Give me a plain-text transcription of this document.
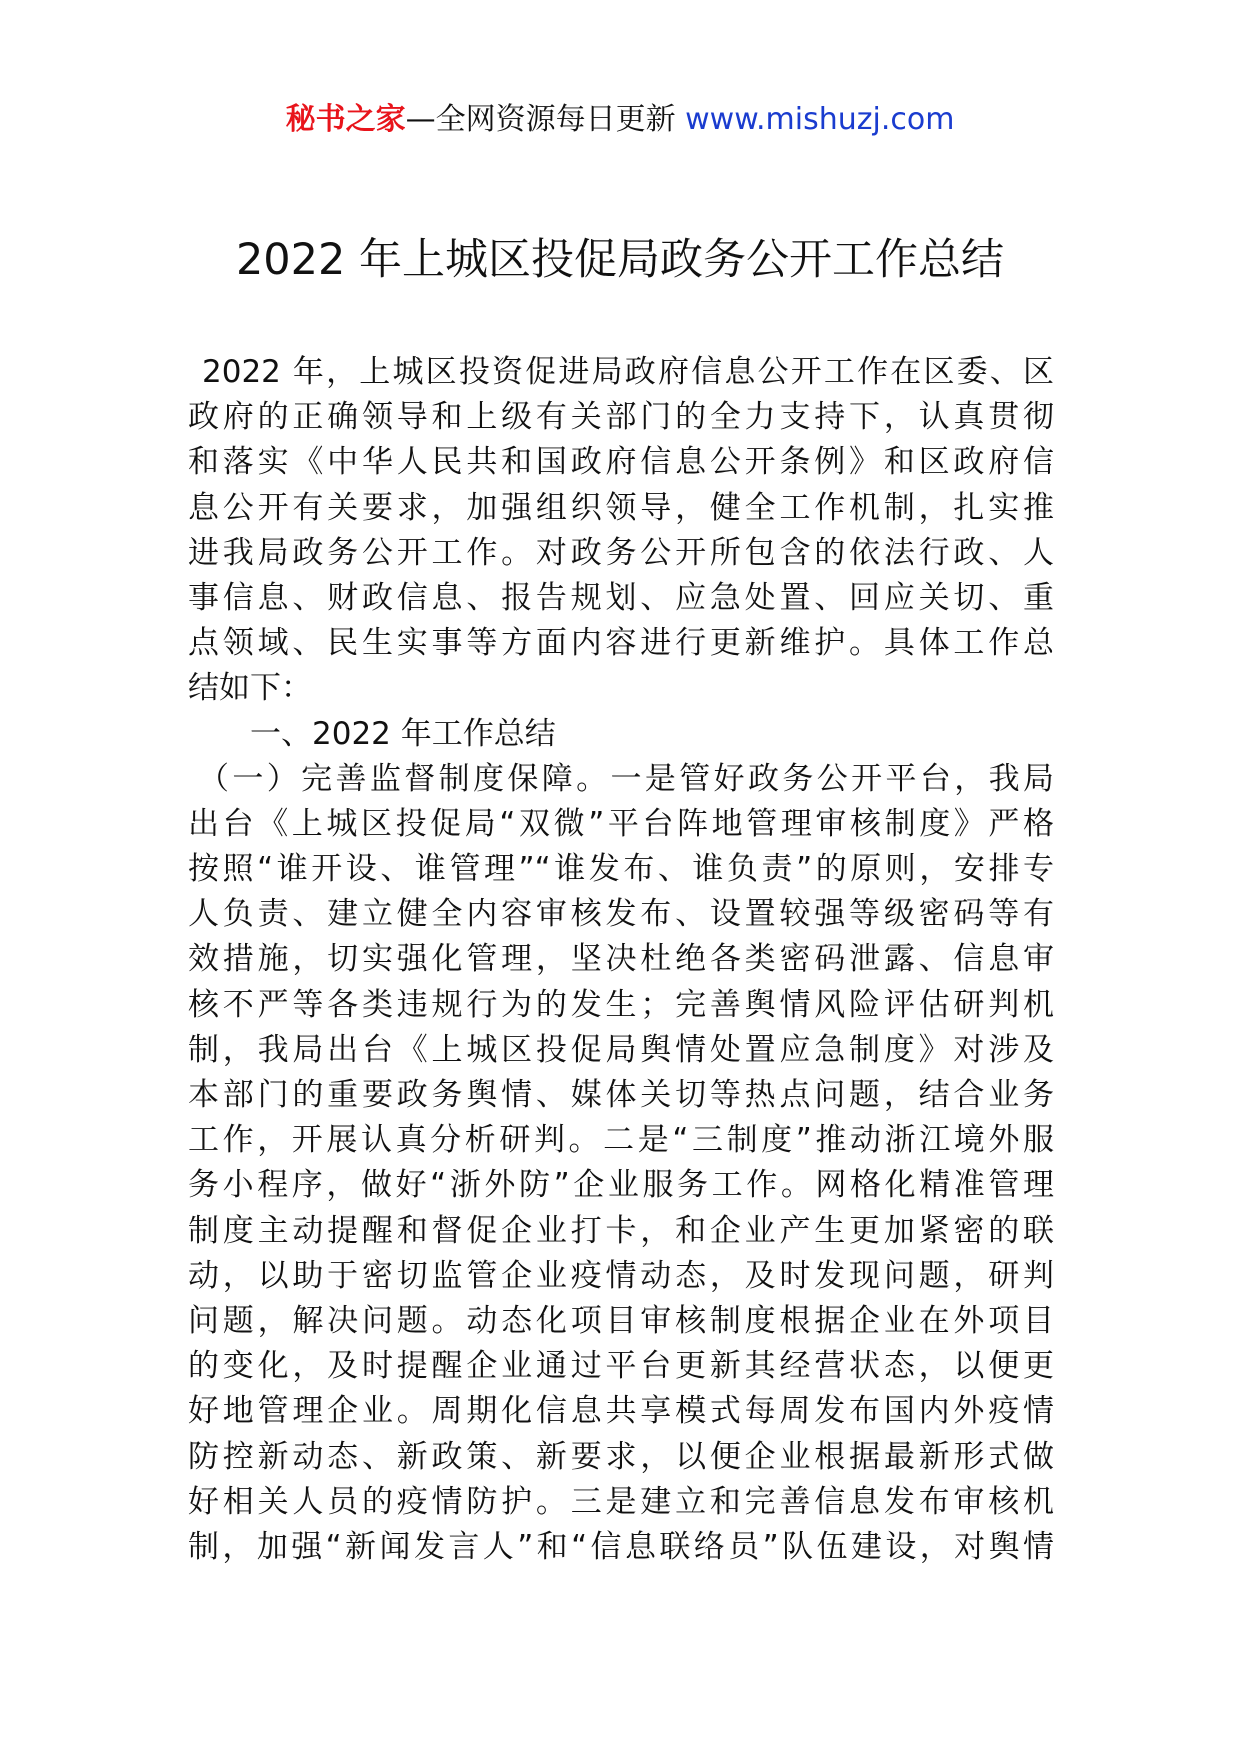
秘书之家—全网资源每日更新 www.mishuzj.com
2022 年上城区投促局政务公开工作总结
2022 年，上城区投资促进局政府信息公开工作在区委、区
政府的正确领导和上级有关部门的全力支持下，认真贯彻
和落实《中华人民共和国政府信息公开条例》和区政府信
息公开有关要求，加强组织领导，健全工作机制，扎实推
进我局政务公开工作。对政务公开所包含的依法行政、人
事信息、财政信息、报告规划、应急处置、回应关切、重
点领域、民生实事等方面内容进行更新维护。具体工作总
结如下：
一、2022 年工作总结
（一）完善监督制度保障。一是管好政务公开平台，我局
出台《上城区投促局“双微”平台阵地管理审核制度》严格
按照“谁开设、谁管理”“谁发布、谁负责”的原则，安排专
人负责、建立健全内容审核发布、设置较强等级密码等有
效措施，切实强化管理，坚决杜绝各类密码泄露、信息审
核不严等各类违规行为的发生；完善舆情风险评估研判机
制，我局出台《上城区投促局舆情处置应急制度》对涉及
本部门的重要政务舆情、媒体关切等热点问题，结合业务
工作，开展认真分析研判。二是“三制度”推动浙江境外服
务小程序，做好“浙外防”企业服务工作。网格化精准管理
制度主动提醒和督促企业打卡，和企业产生更加紧密的联
动，以助于密切监管企业疫情动态，及时发现问题，研判
问题，解决问题。动态化项目审核制度根据企业在外项目
的变化，及时提醒企业通过平台更新其经营状态，以便更
好地管理企业。周期化信息共享模式每周发布国内外疫情
防控新动态、新政策、新要求，以便企业根据最新形式做
好相关人员的疫情防护。三是建立和完善信息发布审核机
制，加强“新闻发言人”和“信息联络员”队伍建设，对舆情
